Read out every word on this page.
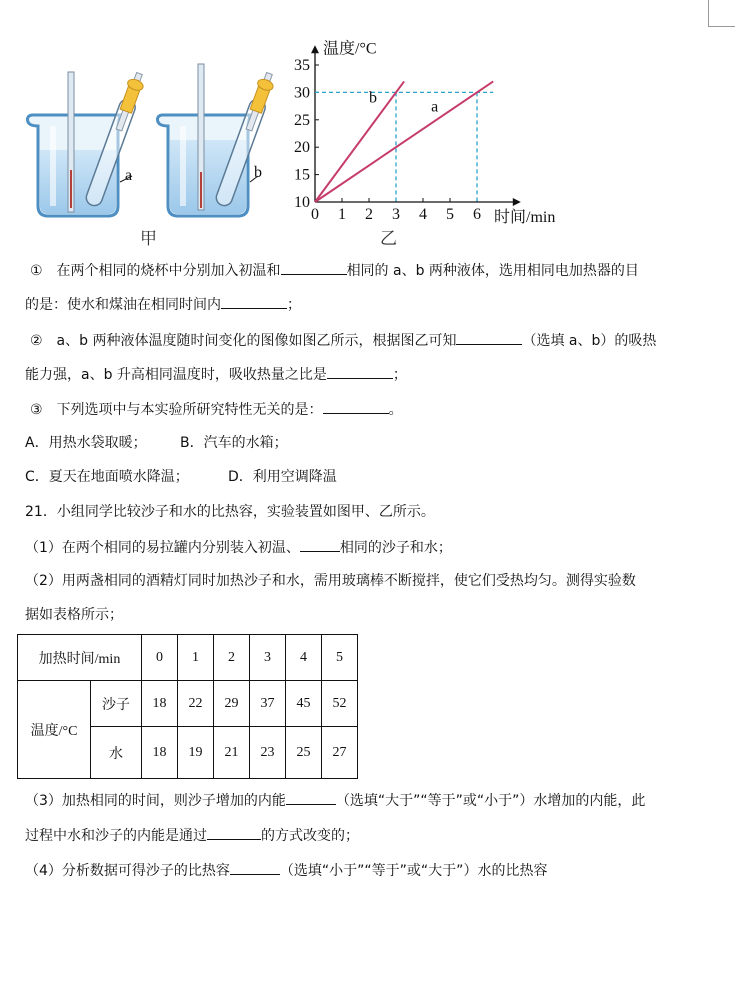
a	b
甲
0 1 2 3 4 5 6
10
15
20
25
30
35
温度/°C
时间/min
b
a
乙
①　在两个相同的烧杯中分别加入初温和	相同的 a、b 两种液体，选用相同电加热器的目
的是：使水和煤油在相同时间内	；
②　a、b 两种液体温度随时间变化的图像如图乙所示，根据图乙可知	（选填 a、b）的吸热
能力强，a、b 升高相同温度时，吸收热量之比是	；
③　下列选项中与本实验所研究特性无关的是：	。
A．用热水袋取暖； B．汽车的水箱；
C．夏天在地面喷水降温；	D．利用空调降温
21．小组同学比较沙子和水的比热容，实验装置如图甲、乙所示。
（1）在两个相同的易拉罐内分别装入初温、	相同的沙子和水；
（2）用两盏相同的酒精灯同时加热沙子和水，需用玻璃棒不断搅拌，使它们受热均匀。测得实验数
据如表格所示；
加热时间/min		0	1	2	3	4	5
温度/°C	沙子	18	22	29	37	45	52
	水	18	19	21	23	25	27
（3）加热相同的时间，则沙子增加的内能	（选填“大于”“等于”或“小于”）水增加的内能，此
过程中水和沙子的内能是通过	的方式改变的；
（4）分析数据可得沙子的比热容	（选填“小于”“等于”或“大于”）水的比热容
